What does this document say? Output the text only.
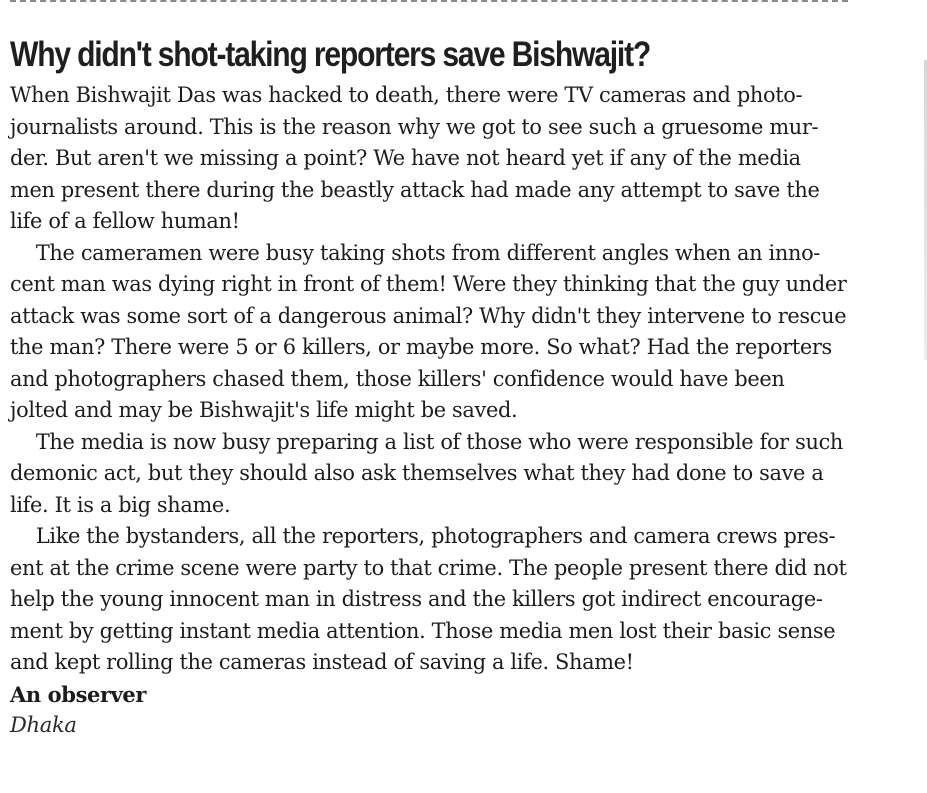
Why didn't shot-taking reporters save Bishwajit?

When Bishwajit Das was hacked to death, there were TV cameras and photo-
journalists around. This is the reason why we got to see such a gruesome mur-
der. But aren't we missing a point? We have not heard yet if any of the media
men present there during the beastly attack had made any attempt to save the
life of a fellow human!

The cameramen were busy taking shots from different angles when an inno-
cent man was dying right in front of them! Were they thinking that the guy under
attack was some sort of a dangerous animal? Why didn't they intervene to rescue
the man? There were 5 or 6 killers, or maybe more. So what? Had the reporters
and photographers chased them, those killers' confidence would have been
jolted and may be Bishwajit's life might be saved.

The media is now busy preparing a list of those who were responsible for such
demonic act, but they should also ask themselves what they had done to save a
life. It is a big shame.

Like the bystanders, all the reporters, photographers and camera crews pres-
ent at the crime scene were party to that crime. The people present there did not
help the young innocent man in distress and the killers got indirect encourage-
ment by getting instant media attention. Those media men lost their basic sense
and kept rolling the cameras instead of saving a life. Shame!

An observer
Dhaka
